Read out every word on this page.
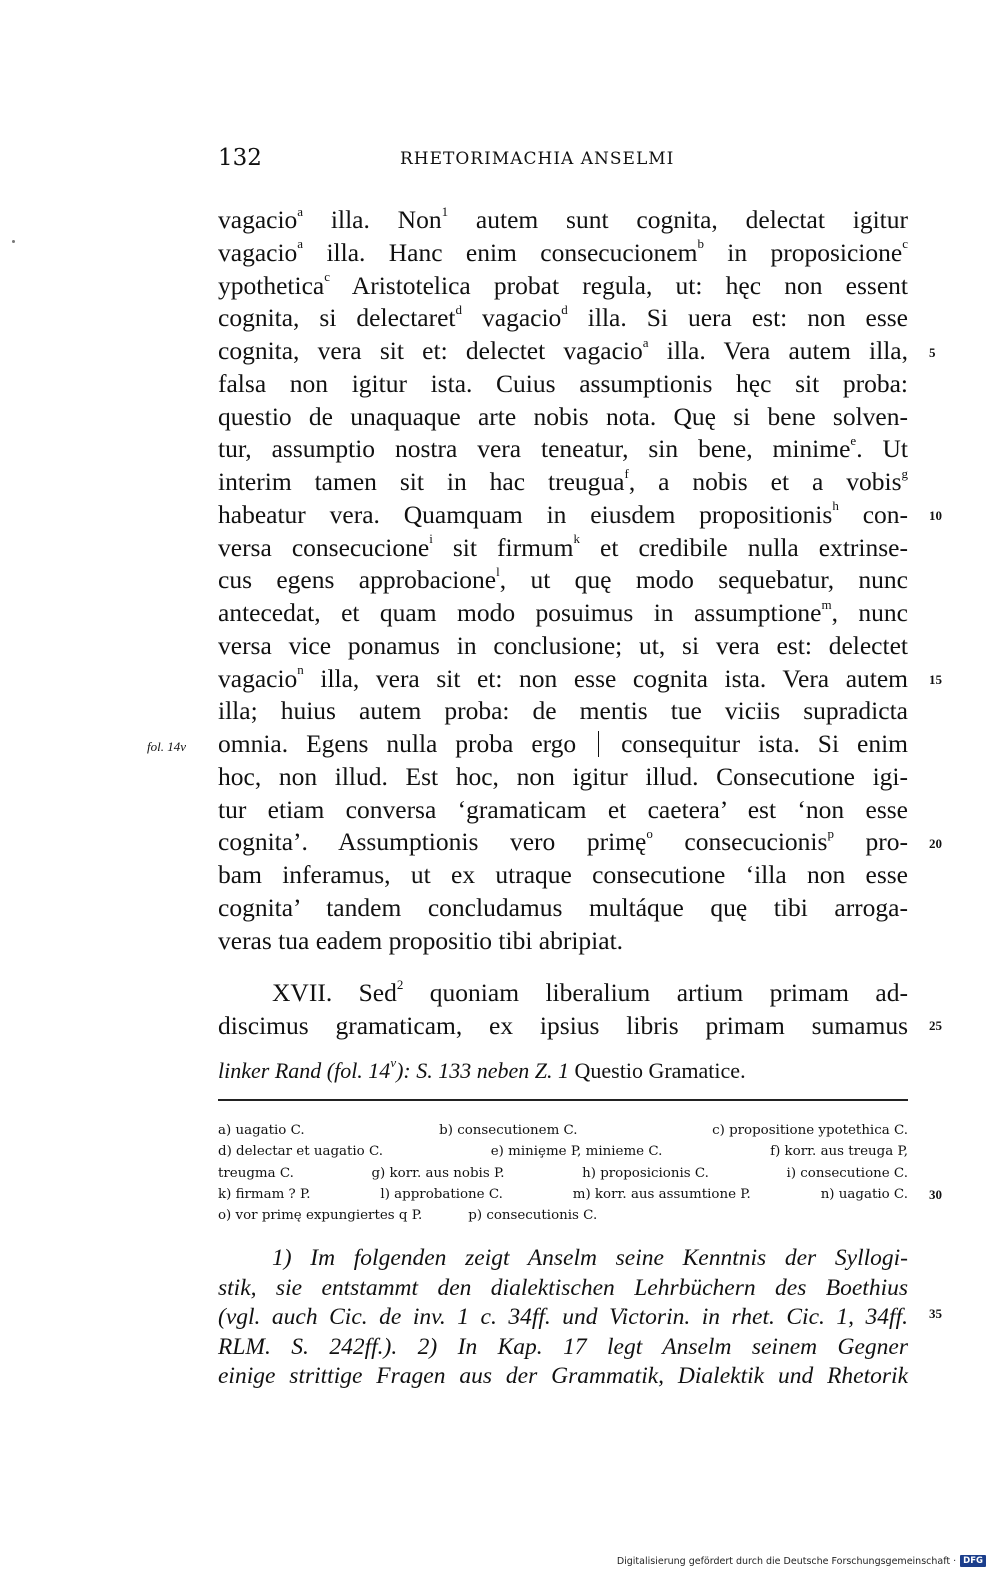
132	RHETORIMACHIA ANSELMI
vagacio$^a$ illa. Non$^1$ autem sunt cognita, delectat igitur
vagacio$^a$ illa. Hanc enim consecucionem$^b$ in proposicione$^c$
ypothetica$^c$ Aristotelica probat regula, ut: hęc non essent
cognita, si delectaret$^d$ vagacio$^d$ illa. Si uera est: non esse
cognita, vera sit et: delectet vagacio$^a$ illa. Vera autem illa,
falsa non igitur ista. Cuius assumptionis hęc sit proba:
questio de unaquaque arte nobis nota. Quę si bene solven-
tur, assumptio nostra vera teneatur, sin bene, minime$^e$. Ut
interim tamen sit in hac treugua$^f$, a nobis et a vobis$^g$
habeatur vera. Quamquam in eiusdem propositionis$^h$ con-
versa consecucione$^i$ sit firmum$^k$ et credibile nulla extrinse-
cus egens approbacione$^l$, ut quę modo sequebatur, nunc
antecedat, et quam modo posuimus in assumptione$^m$, nunc
versa vice ponamus in conclusione; ut, si vera est: delectet
vagacio$^n$ illa, vera sit et: non esse cognita ista. Vera autem
illa; huius autem proba: de mentis tue viciis supradicta
omnia. Egens nulla proba ergo  consequitur ista. Si enim
hoc, non illud. Est hoc, non igitur illud. Consecutione igi-
tur etiam conversa ‘gramaticam et caetera’ est ‘non esse
cognita’. Assumptionis vero primę$^o$ consecucionis$^p$ pro-
bam inferamus, ut ex utraque consecutione ‘illa non esse
cognita’ tandem concludamus multáque quę tibi arroga-
veras tua eadem propositio tibi abripiat.
XVII. Sed$^2$ quoniam liberalium artium primam ad-
discimus gramaticam, ex ipsius libris primam sumamus
5
10
15
20
25
30
35
fol. 14v
linker Rand (fol. 14$^v$): S. 133 neben Z. 1 Questio Gramatice.
a) uagatio C.	b) consecutionem C.	c) propositione ypotethica C.
d) delectar et uagatio C.	e) miniȩme P, minieme C.	f) korr. aus treuga P,
treugma C.	g) korr. aus nobis P.	h) proposicionis C.	i) consecutione C.
k) firmam ? P.	l) approbatione C.	m) korr. aus assumtione P.	n) uagatio C.
o) vor primę expungiertes q P.	p) consecutionis C.
1) Im folgenden zeigt Anselm seine Kenntnis der Syllogi-
stik, sie entstammt den dialektischen Lehrbüchern des Boethius
(vgl. auch Cic. de inv. 1 c. 34ff. und Victorin. in rhet. Cic. 1, 34ff.
RLM. S. 242ff.). 2) In Kap. 17 legt Anselm seinem Gegner
einige strittige Fragen aus der Grammatik, Dialektik und Rhetorik
Digitalisierung gefördert durch die Deutsche Forschungsgemeinschaft · DFG
